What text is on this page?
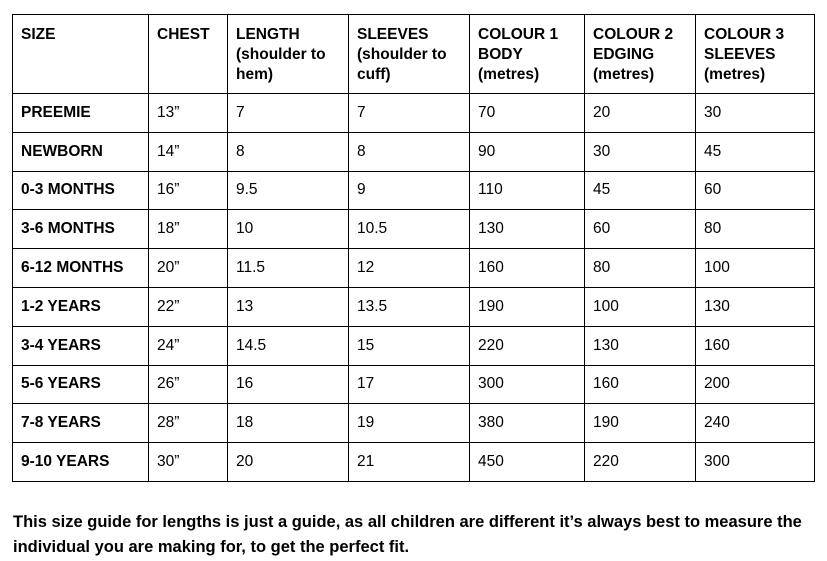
SIZE	CHEST	LENGTH (shoulder to hem)	SLEEVES (shoulder to cuff)	COLOUR 1 BODY (metres)	COLOUR 2 EDGING (metres)	COLOUR 3 SLEEVES (metres)
PREEMIE	13”	7	7	70	20	30
NEWBORN	14”	8	8	90	30	45
0-3 MONTHS	16”	9.5	9	110	45	60
3-6 MONTHS	18”	10	10.5	130	60	80
6-12 MONTHS	20”	11.5	12	160	80	100
1-2 YEARS	22”	13	13.5	190	100	130
3-4 YEARS	24”	14.5	15	220	130	160
5-6 YEARS	26”	16	17	300	160	200
7-8 YEARS	28”	18	19	380	190	240
9-10 YEARS	30”	20	21	450	220	300

This size guide for lengths is just a guide, as all children are different it’s always best to measure the individual you are making for, to get the perfect fit.
